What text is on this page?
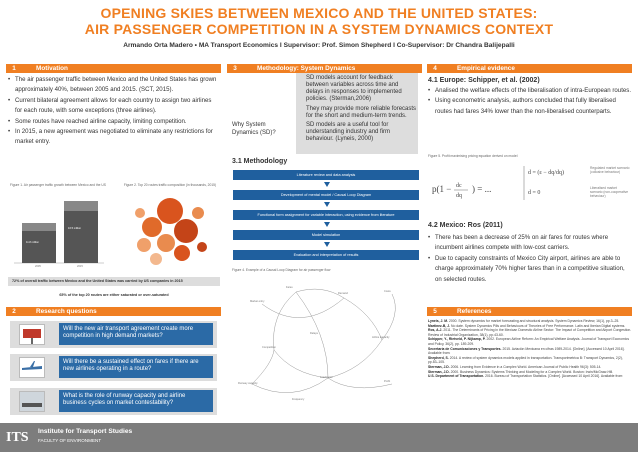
OPENING SKIES BETWEEN MEXICO AND THE UNITED STATES:
AIR PASSENGER COMPETITION IN A SYSTEM DYNAMICS CONTEXT
Armando Orta Madero • MA Transport Economics I Supervisor: Prof. Simon Shepherd I Co-Supervisor: Dr Chandra Balijepalli
1	Motivation
• The air passenger traffic between Mexico and the United States has grown approximately 40%, between 2005 and 2015. (SCT, 2015).
• Current bilateral agreement allows for each country to assign two airlines for each route, with some exceptions (three airlines).
• Some routes have reached airline capacity, limiting competition.
• In 2015, a new agreement was negotiated to eliminate any restrictions for market entry.
Figure 1. Air passenger traffic growth between Mexico and the US
11.8 million
16.5 million
2005	2015
Figure 2. Top 20 routes traffic composition (in thousands, 2015)
72% of overall traffic between Mexico and the United States was carried by US companies in 2015
65% of the top 20 routes are either saturated or over-saturated
2	Research questions
Will the new air transport agreement create more competition in high demand markets?
Will there be a sustained effect on fares if there are new airlines operating in a route?
What is the role of runway capacity and airline business cycles on market contestability?
3	Methodology: System Dynamics
Why System Dynamics (SD)?
SD models account for feedback between variables across time and delays in responses to implemented policies. (Sterman,2006)
They may provide more reliable forecasts for the short and medium-term trends.
SD models are a useful tool for understanding industry and firm behaviour. (Lyneis, 2000)
3.1 Methodology
Literature review and data analysis
Development of mental model / Causal Loop Diagram
Functional form assignment for variable interaction, using evidence from literature
Model simulation
Evaluation and interpretation of results
Figure 4. Example of a Causal Loop Diagram for air passenger flow
Fares
Demand
Airline capacity
Load factor
Competition
Market entry
Profit
Runway capacity
Delays
Costs
Frequency
4	Empirical evidence
4.1 Europe: Schipper, et al. (2002)
• Analised the welfare effects of the liberalisation of intra-European routes.
• Using econometric analysis, authors concluded that fully liberalised routes had fares 34% lower than the non-liberalised counterparts.
Figure 5. Profit maximising pricing equation derived on model
p(1 − dc
dq
) = ...
d = (ε − dq/dq)
d = 0
Regulated market scenario (collusive behaviour)
Liberalised market scenario (non-cooperative behaviour)
4.2 Mexico: Ros (2011)
• There has been a decrease of 25% on air fares for routes where incumbent airlines compete with low-cost carriers.
• Due to capacity constraints of Mexico City airport, airlines are able to charge approximately 70% higher fares than in a competitive situation, on selected routes.
5	References
Lyneis, J. M. 2000. System dynamics for market forecasting and structural analysis. System Dynamics Review, 16(1), pp.3–25.
Martinez-B, J. No date. System Dynamics Pills and Behaviours of Theories of Free Performance. Latin and Iberian Digital systems.
Ros, A.J. 2011. The Determinants of Pricing in the Mexican Domestic Airline Sector: The Impact of Competition and Airport Congestion. Review of Industrial Organization, 38(1), pp.43-60.
Schipper, Y., Rietveld, P. Nijkamp, P. 2002. European Airline Reform: An Empirical Welfare Analysis. Journal of Transport Economics and Policy, 36(2), pp. 189-209.
Secretaría de Comunicaciones y Transportes. 2015. Aviación Mexicana en cifras 1989-2014. [Online]. [Accessed 10 April 2016]. Available from:
Shepherd, S. 2014. A review of system dynamics models applied in transportation. Transportmetrica B: Transport Dynamics, 2(2), pp.83–105.
Sterman, J.D. 2006. Learning from Evidence in a Complex World. American Journal of Public Health 96(3): 505-14.
Sterman, J.D. 2000. Business Dynamics: Systems Thinking and Modeling for a Complex World. Boston: Irwin/McGraw-Hill.
U.S. Department of Transportation. 2016. Bureau of Transportation Statistics. [Online]. [Accessed 10 April 2016]. Available from:
ITS	Institute for Transport Studies
FACULTY OF ENVIRONMENT
